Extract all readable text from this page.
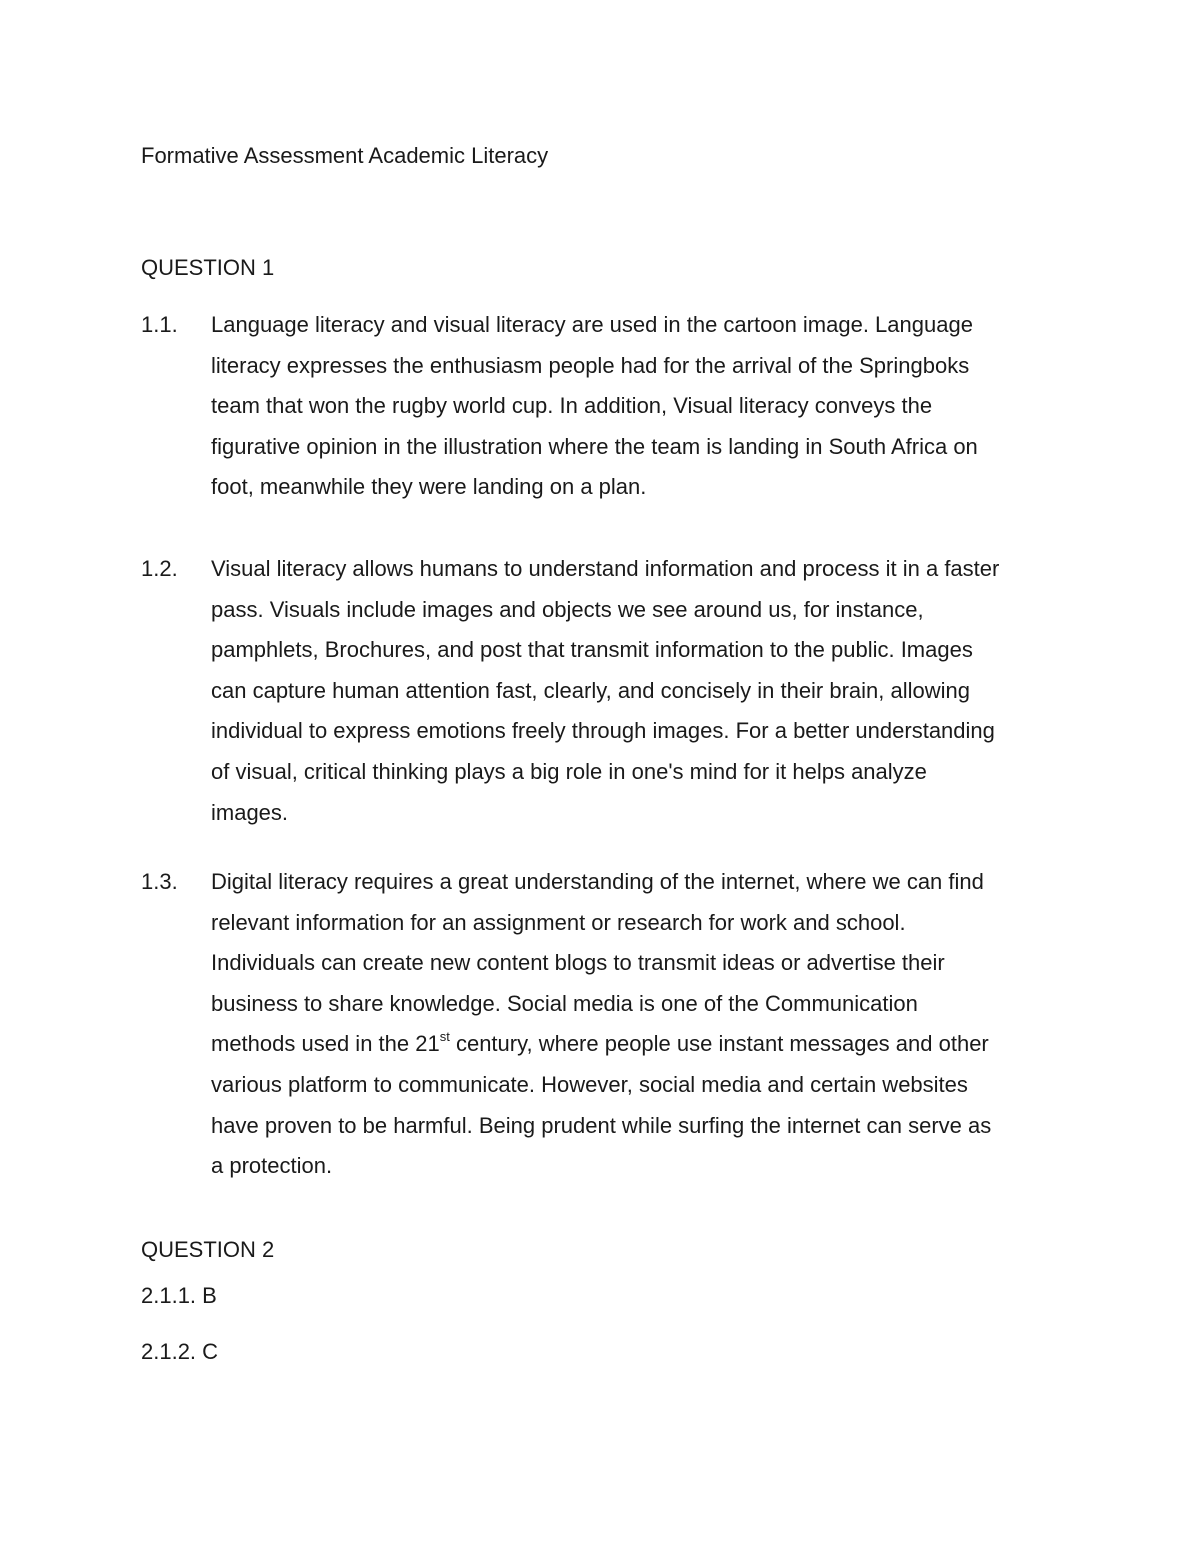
Formative Assessment Academic Literacy
QUESTION 1
1.1. Language literacy and visual literacy are used in the cartoon image. Language
literacy expresses the enthusiasm people had for the arrival of the Springboks
team that won the rugby world cup. In addition, Visual literacy conveys the
figurative opinion in the illustration where the team is landing in South Africa on
foot, meanwhile they were landing on a plan.
1.2. Visual literacy allows humans to understand information and process it in a faster
pass. Visuals include images and objects we see around us, for instance,
pamphlets, Brochures, and post that transmit information to the public. Images
can capture human attention fast, clearly, and concisely in their brain, allowing
individual to express emotions freely through images. For a better understanding
of visual, critical thinking plays a big role in one's mind for it helps analyze
images.
1.3. Digital literacy requires a great understanding of the internet, where we can find
relevant information for an assignment or research for work and school.
Individuals can create new content blogs to transmit ideas or advertise their
business to share knowledge. Social media is one of the Communication
methods used in the 21st century, where people use instant messages and other
various platform to communicate. However, social media and certain websites
have proven to be harmful. Being prudent while surfing the internet can serve as
a protection.
QUESTION 2
2.1.1. B
2.1.2. C
